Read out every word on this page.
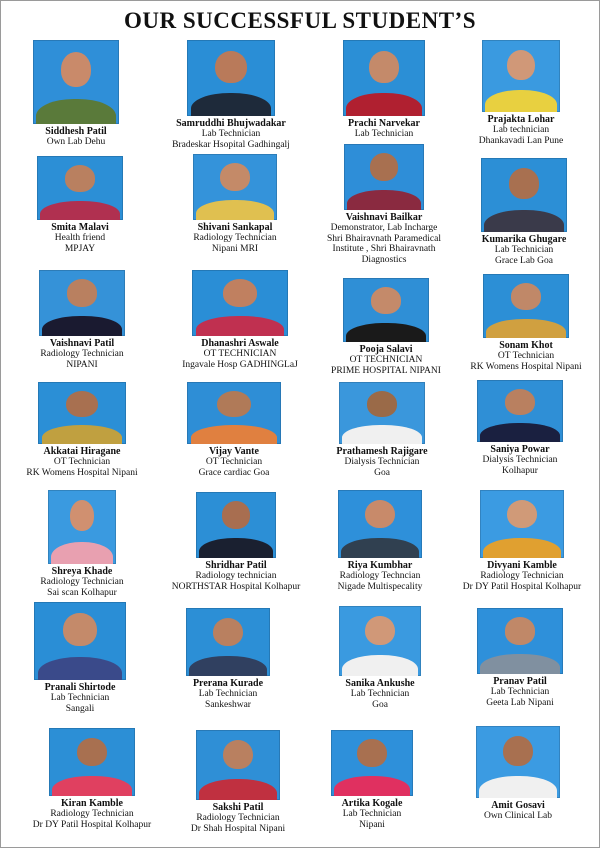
OUR SUCCESSFUL STUDENT’S
Siddhesh Patil
Own Lab Dehu
Samruddhi Bhujwadakar
Lab Technician
Bradeskar Hsopital Gadhingalj
Prachi Narvekar
Lab Technician
Prajakta Lohar
Lab technician
Dhankavadi Lan Pune
Smita Malavi
Health friend
MPJAY
Shivani Sankapal
Radiology Technician
Nipani MRI
Vaishnavi Bailkar
Demonstrator, Lab Incharge
Shri Bhairavnath Paramedical
Institute , Shri Bhairavnath
Diagnostics
Kumarika Ghugare
Lab Technician
Grace Lab Goa
Vaishnavi Patil
Radiology Technician
NIPANI
Dhanashri Aswale
OT TECHNICIAN
Ingavale Hosp GADHINGLaJ
Pooja Salavi
OT TECHNICIAN
PRIME HOSPITAL NIPANI
Sonam Khot
OT Technician
RK Womens Hospital Nipani
Akkatai Hiragane
OT Technician
RK Womens Hospital Nipani
Vijay Vante
OT Technician
Grace cardiac Goa
Prathamesh Rajigare
Dialysis Technician
Goa
Saniya Powar
Dialysis Technician
Kolhapur
Shreya Khade
Radiology Technician
Sai scan Kolhapur
Shridhar Patil
Radiology technician
NORTHSTAR Hospital Kolhapur
Riya Kumbhar
Radiology Techncian
Nigade Multispecality
Divyani Kamble
Radiology Technician
Dr DY Patil Hospital Kolhapur
Pranali Shirtode
Lab Technician
Sangali
Prerana Kurade
Lab Technician
Sankeshwar
Sanika Ankushe
Lab Technician
Goa
Pranav Patil
Lab Technician
Geeta Lab Nipani
Kiran Kamble
Radiology Technician
Dr DY Patil Hospital Kolhapur
Sakshi Patil
Radiology Technician
Dr Shah Hospital Nipani
Artika Kogale
Lab Technician
Nipani
Amit Gosavi
Own Clinical Lab
